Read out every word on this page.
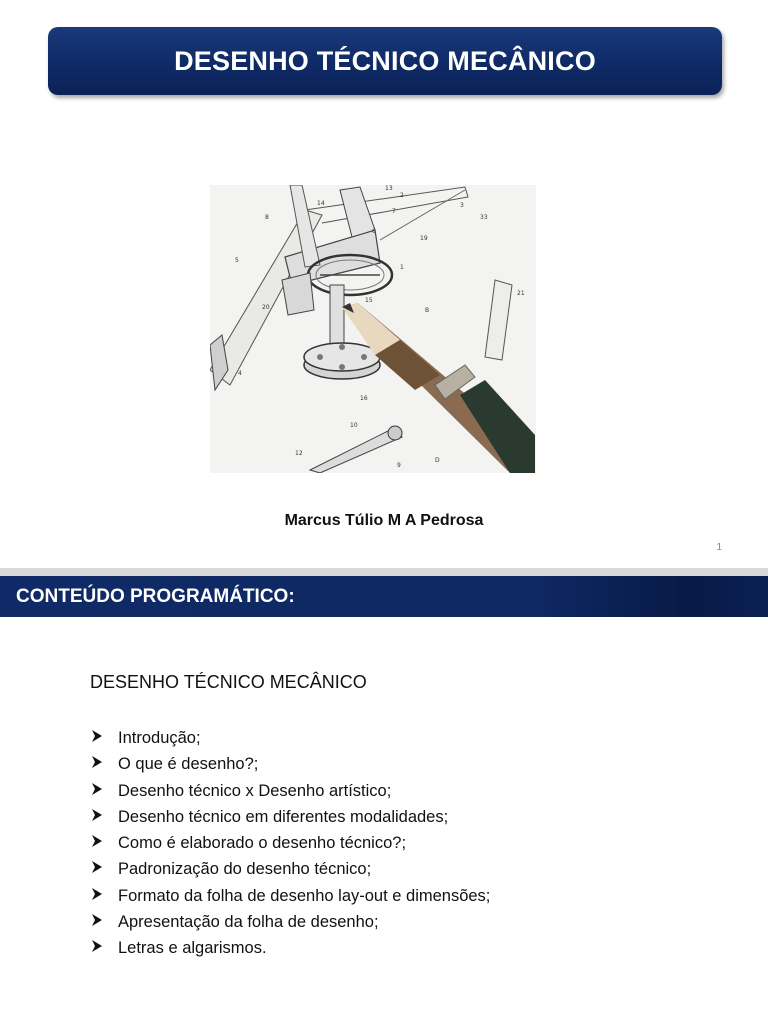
DESENHO TÉCNICO MECÂNICO
13
14
8
2
3
33
7
6
19
1
5
20
15
B
21
4
16
10
12
9
D
Marcus Túlio M A Pedrosa
1
CONTEÚDO PROGRAMÁTICO:
DESENHO TÉCNICO MECÂNICO
Introdução;
O que é desenho?;
Desenho técnico x Desenho artístico;
Desenho técnico em diferentes modalidades;
Como é elaborado o desenho técnico?;
Padronização do desenho técnico;
Formato da folha de desenho lay-out e dimensões;
Apresentação da folha de desenho;
Letras e algarismos.
